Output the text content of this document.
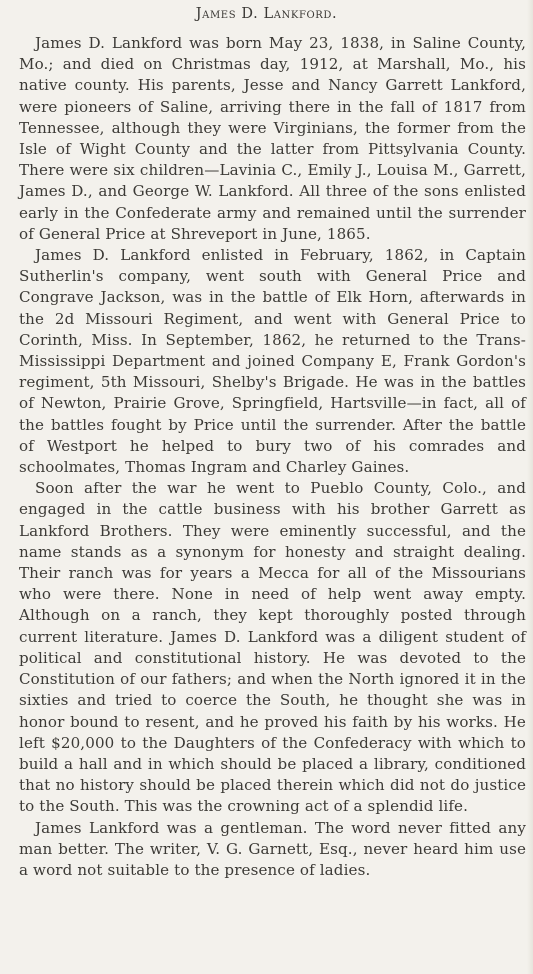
James D. Lankford.

James D. Lankford was born May 23, 1838, in Saline County, Mo.; and died on Christmas day, 1912, at Marshall, Mo., his native county. His parents, Jesse and Nancy Garrett Lankford, were pioneers of Saline, arriving there in the fall of 1817 from Tennessee, although they were Virginians, the former from the Isle of Wight County and the latter from Pittsylvania County. There were six children—Lavinia C., Emily J., Louisa M., Garrett, James D., and George W. Lankford. All three of the sons enlisted early in the Confederate army and remained until the surrender of General Price at Shreveport in June, 1865.

James D. Lankford enlisted in February, 1862, in Captain Sutherlin's company, went south with General Price and Congrave Jackson, was in the battle of Elk Horn, afterwards in the 2d Missouri Regiment, and went with General Price to Corinth, Miss. In September, 1862, he returned to the Trans-Mississippi Department and joined Company E, Frank Gordon's regiment, 5th Missouri, Shelby's Brigade. He was in the battles of Newton, Prairie Grove, Springfield, Hartsville—in fact, all of the battles fought by Price until the surrender. After the battle of Westport he helped to bury two of his comrades and schoolmates, Thomas Ingram and Charley Gaines.

Soon after the war he went to Pueblo County, Colo., and engaged in the cattle business with his brother Garrett as Lankford Brothers. They were eminently successful, and the name stands as a synonym for honesty and straight dealing. Their ranch was for years a Mecca for all of the Missourians who were there. None in need of help went away empty. Although on a ranch, they kept thoroughly posted through current literature. James D. Lankford was a diligent student of political and constitutional history. He was devoted to the Constitution of our fathers; and when the North ignored it in the sixties and tried to coerce the South, he thought she was in honor bound to resent, and he proved his faith by his works. He left $20,000 to the Daughters of the Confederacy with which to build a hall and in which should be placed a library, conditioned that no history should be placed therein which did not do justice to the South. This was the crowning act of a splendid life.

James Lankford was a gentleman. The word never fitted any man better. The writer, V. G. Garnett, Esq., never heard him use a word not suitable to the presence of ladies.
